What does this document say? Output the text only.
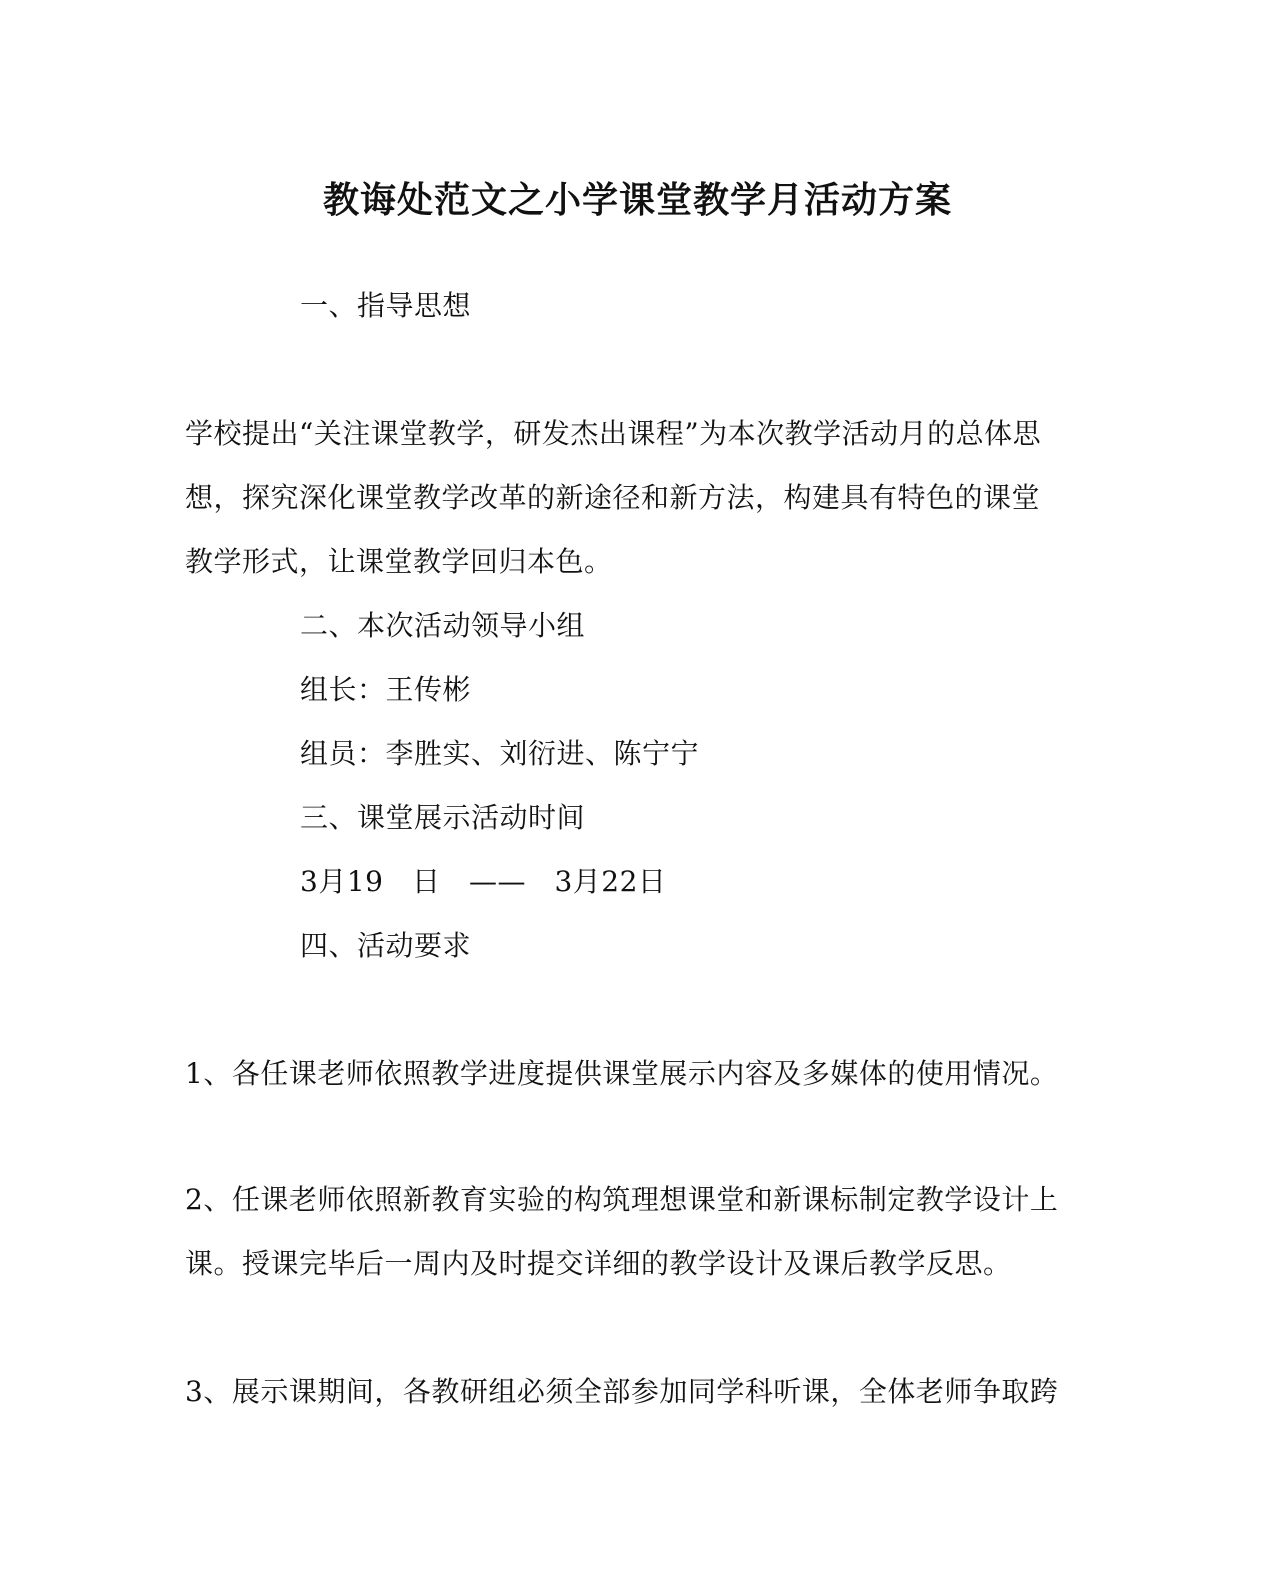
教诲处范文之小学课堂教学月活动方案
一、指导思想
学校提出“关注课堂教学，研发杰出课程”为本次教学活动月的总体思
想，探究深化课堂教学改革的新途径和新方法，构建具有特色的课堂
教学形式，让课堂教学回归本色。
二、本次活动领导小组
组长：王传彬
组员：李胜实、刘衍进、陈宁宁
三、课堂展示活动时间
3月19　日　——　3月22日
四、活动要求
1、各任课老师依照教学进度提供课堂展示内容及多媒体的使用情况。
2、任课老师依照新教育实验的构筑理想课堂和新课标制定教学设计上
课。授课完毕后一周内及时提交详细的教学设计及课后教学反思。
3、展示课期间，各教研组必须全部参加同学科听课，全体老师争取跨
